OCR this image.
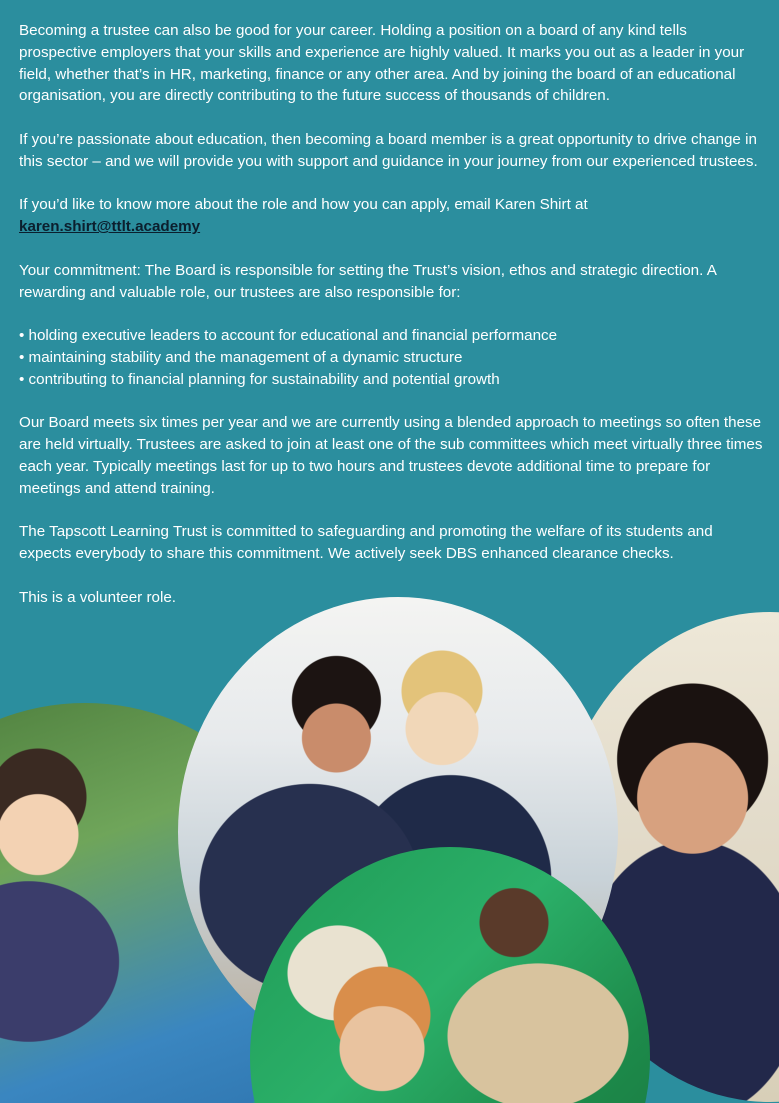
Becoming a trustee can also be good for your career. Holding a position on a board of any kind tells prospective employers that your skills and experience are highly valued. It marks you out as a leader in your field, whether that’s in HR, marketing, finance or any other area. And by joining the board of an educational organisation, you are directly contributing to the future success of thousands of children.

If you’re passionate about education, then becoming a board member is a great opportunity to drive change in this sector – and we will provide you with support and guidance in your journey from our experienced trustees.

If you’d like to know more about the role and how you can apply, email Karen Shirt at
karen.shirt@ttlt.academy

Your commitment: The Board is responsible for setting the Trust’s vision, ethos and strategic direction. A rewarding and valuable role, our trustees are also responsible for:

• holding executive leaders to account for educational and financial performance
• maintaining stability and the management of a dynamic structure
• contributing to financial planning for sustainability and potential growth

Our Board meets six times per year and we are currently using a blended approach to meetings so often these are held virtually. Trustees are asked to join at least one of the sub committees which meet virtually three times each year. Typically meetings last for up to two hours and trustees devote additional time to prepare for meetings and attend training.

The Tapscott Learning Trust is committed to safeguarding and promoting the welfare of its students and expects everybody to share this commitment. We actively seek DBS enhanced clearance checks.

This is a volunteer role.
